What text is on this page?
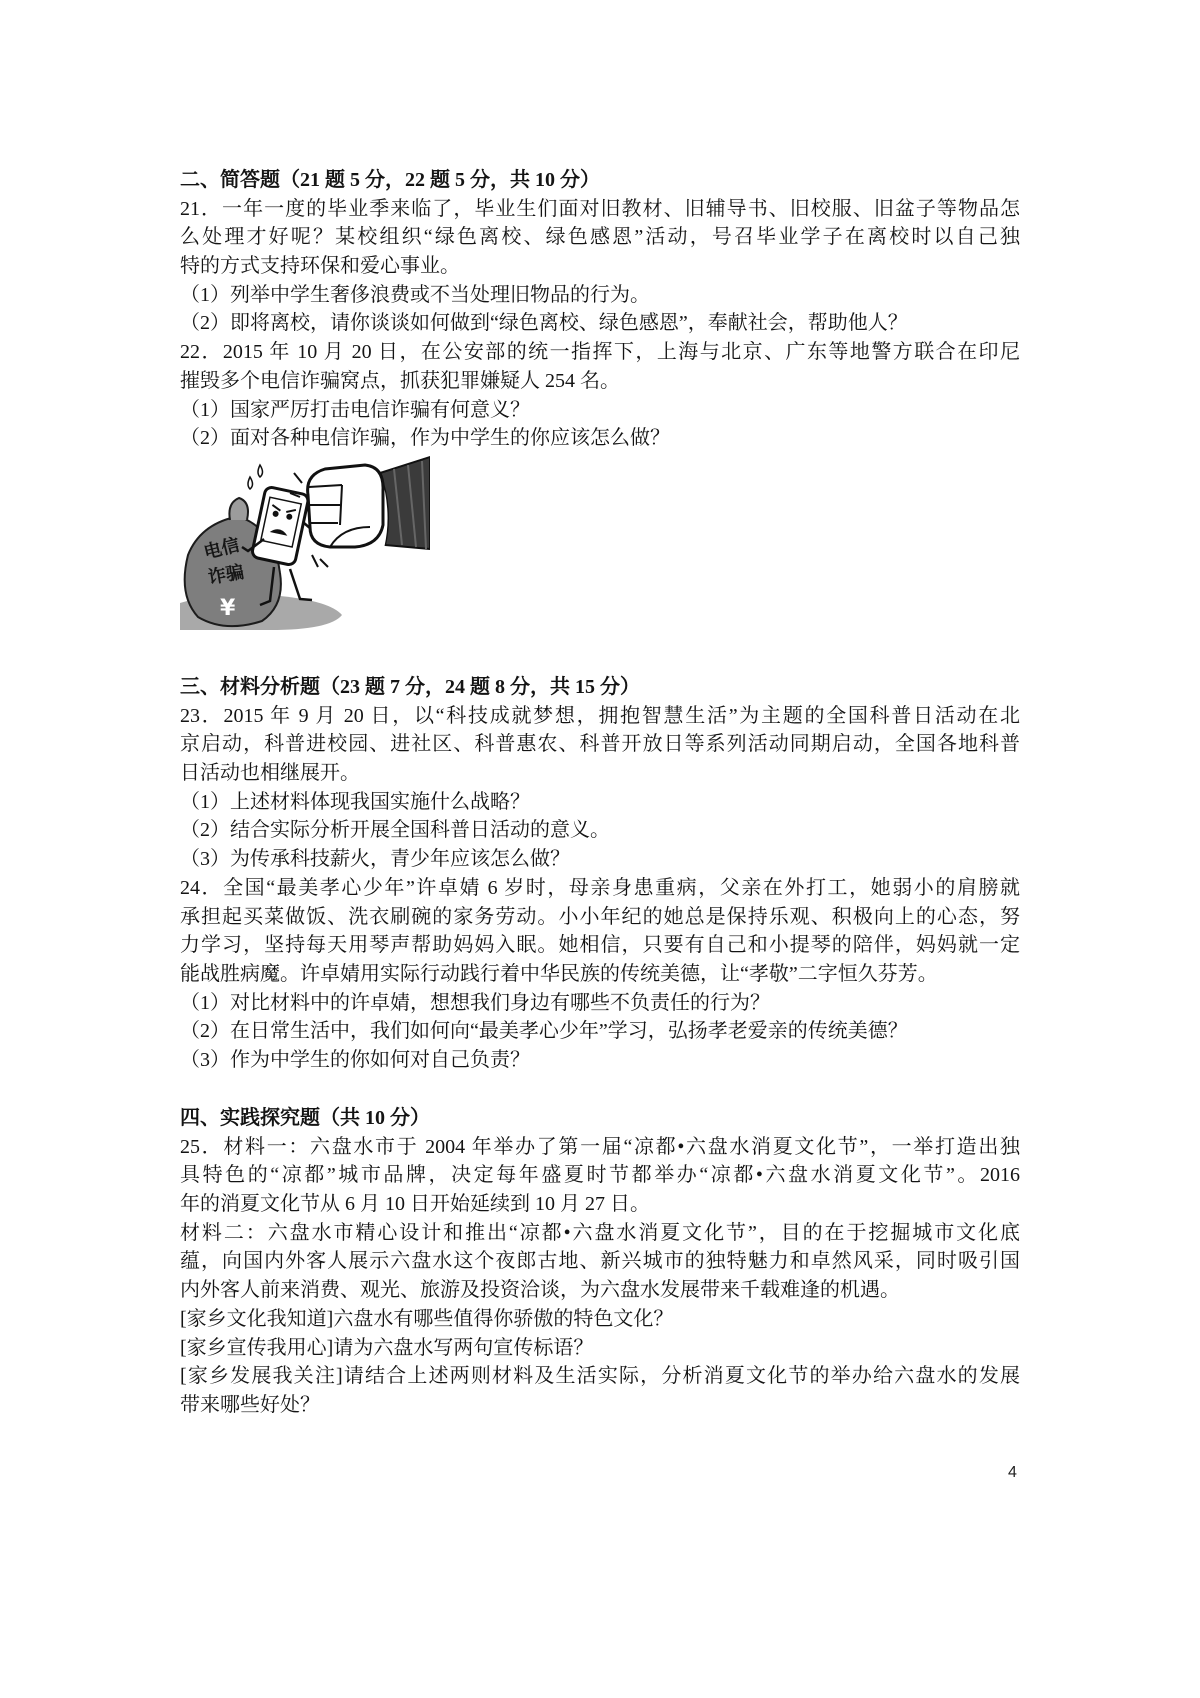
二、简答题（21 题 5 分，22 题 5 分，共 10 分）
21．一年一度的毕业季来临了，毕业生们面对旧教材、旧辅导书、旧校服、旧盆子等物品怎
么处理才好呢？某校组织“绿色离校、绿色感恩”活动，号召毕业学子在离校时以自己独
特的方式支持环保和爱心事业。
（1）列举中学生奢侈浪费或不当处理旧物品的行为。
（2）即将离校，请你谈谈如何做到“绿色离校、绿色感恩”，奉献社会，帮助他人？
22．2015 年 10 月 20 日，在公安部的统一指挥下，上海与北京、广东等地警方联合在印尼
摧毁多个电信诈骗窝点，抓获犯罪嫌疑人 254 名。
（1）国家严厉打击电信诈骗有何意义？
（2）面对各种电信诈骗，作为中学生的你应该怎么做？
电信
诈骗
¥
三、材料分析题（23 题 7 分，24 题 8 分，共 15 分）
23．2015 年 9 月 20 日，以“科技成就梦想，拥抱智慧生活”为主题的全国科普日活动在北
京启动，科普进校园、进社区、科普惠农、科普开放日等系列活动同期启动，全国各地科普
日活动也相继展开。
（1）上述材料体现我国实施什么战略？
（2）结合实际分析开展全国科普日活动的意义。
（3）为传承科技薪火，青少年应该怎么做？
24．全国“最美孝心少年”许卓婧 6 岁时，母亲身患重病，父亲在外打工，她弱小的肩膀就
承担起买菜做饭、洗衣刷碗的家务劳动。小小年纪的她总是保持乐观、积极向上的心态，努
力学习，坚持每天用琴声帮助妈妈入眠。她相信，只要有自己和小提琴的陪伴，妈妈就一定
能战胜病魔。许卓婧用实际行动践行着中华民族的传统美德，让“孝敬”二字恒久芬芳。
（1）对比材料中的许卓婧，想想我们身边有哪些不负责任的行为？
（2）在日常生活中，我们如何向“最美孝心少年”学习，弘扬孝老爱亲的传统美德？
（3）作为中学生的你如何对自己负责？
四、实践探究题（共 10 分）
25．材料一：六盘水市于 2004 年举办了第一届“凉都•六盘水消夏文化节”，一举打造出独
具特色的“凉都”城市品牌，决定每年盛夏时节都举办“凉都•六盘水消夏文化节”。2016
年的消夏文化节从 6 月 10 日开始延续到 10 月 27 日。
材料二：六盘水市精心设计和推出“凉都•六盘水消夏文化节”，目的在于挖掘城市文化底
蕴，向国内外客人展示六盘水这个夜郎古地、新兴城市的独特魅力和卓然风采，同时吸引国
内外客人前来消费、观光、旅游及投资洽谈，为六盘水发展带来千载难逢的机遇。
[家乡文化我知道]六盘水有哪些值得你骄傲的特色文化？
[家乡宣传我用心]请为六盘水写两句宣传标语？
[家乡发展我关注]请结合上述两则材料及生活实际，分析消夏文化节的举办给六盘水的发展
带来哪些好处？
4
